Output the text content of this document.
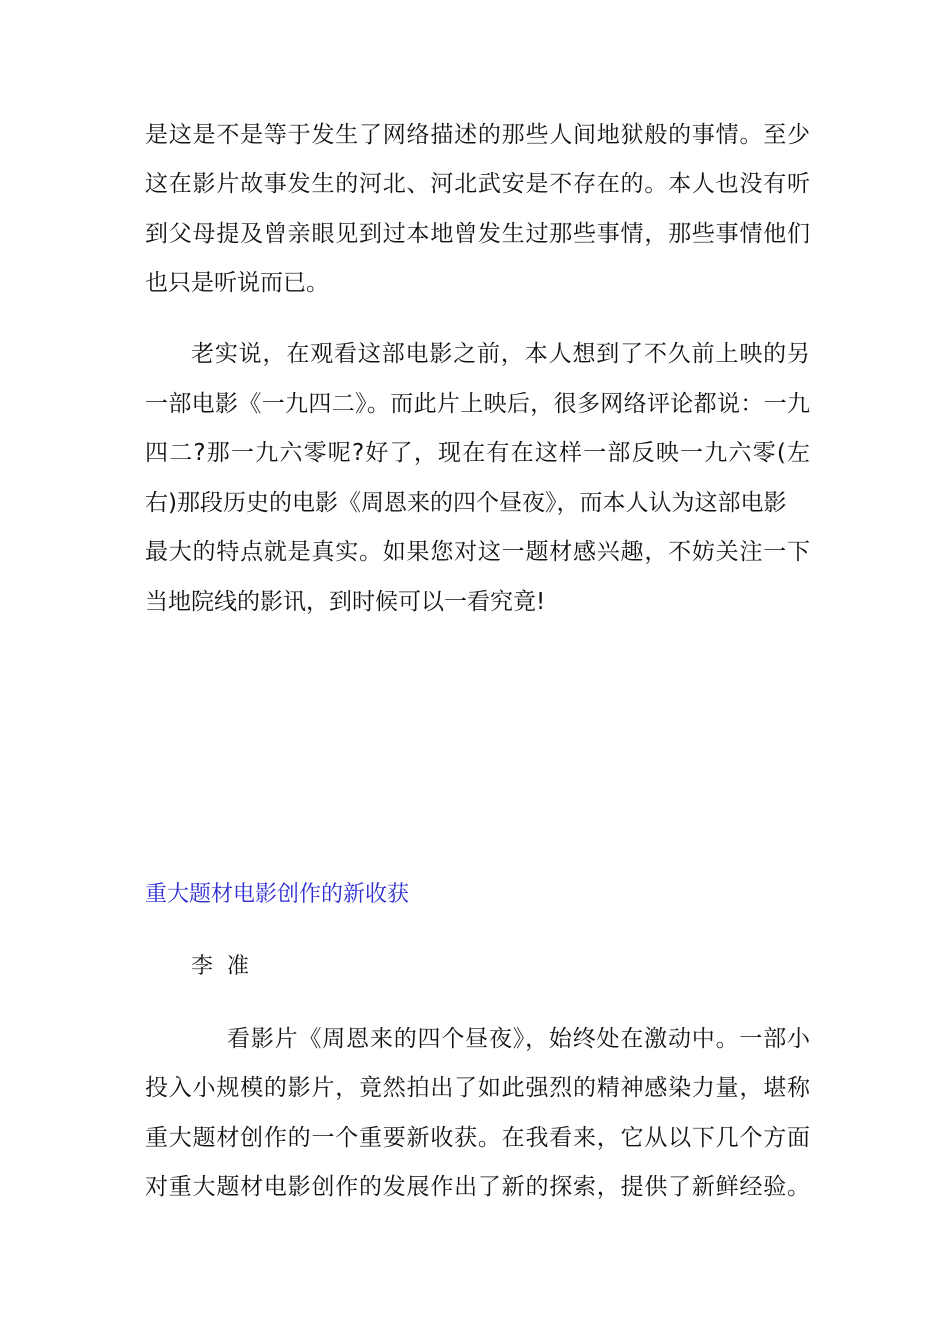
是这是不是等于发生了网络描述的那些人间地狱般的事情。至少
这在影片故事发生的河北、河北武安是不存在的。本人也没有听
到父母提及曾亲眼见到过本地曾发生过那些事情，那些事情他们
也只是听说而已。
老实说，在观看这部电影之前，本人想到了不久前上映的另
一部电影《一九四二》。而此片上映后，很多网络评论都说：一九
四二?那一九六零呢?好了，现在有在这样一部反映一九六零(左
右)那段历史的电影《周恩来的四个昼夜》，而本人认为这部电影
最大的特点就是真实。如果您对这一题材感兴趣，不妨关注一下
当地院线的影讯，到时候可以一看究竟!
重大题材电影创作的新收获
李  准
看影片《周恩来的四个昼夜》，始终处在激动中。一部小
投入小规模的影片，竟然拍出了如此强烈的精神感染力量，堪称
重大题材创作的一个重要新收获。在我看来，它从以下几个方面
对重大题材电影创作的发展作出了新的探索，提供了新鲜经验。
